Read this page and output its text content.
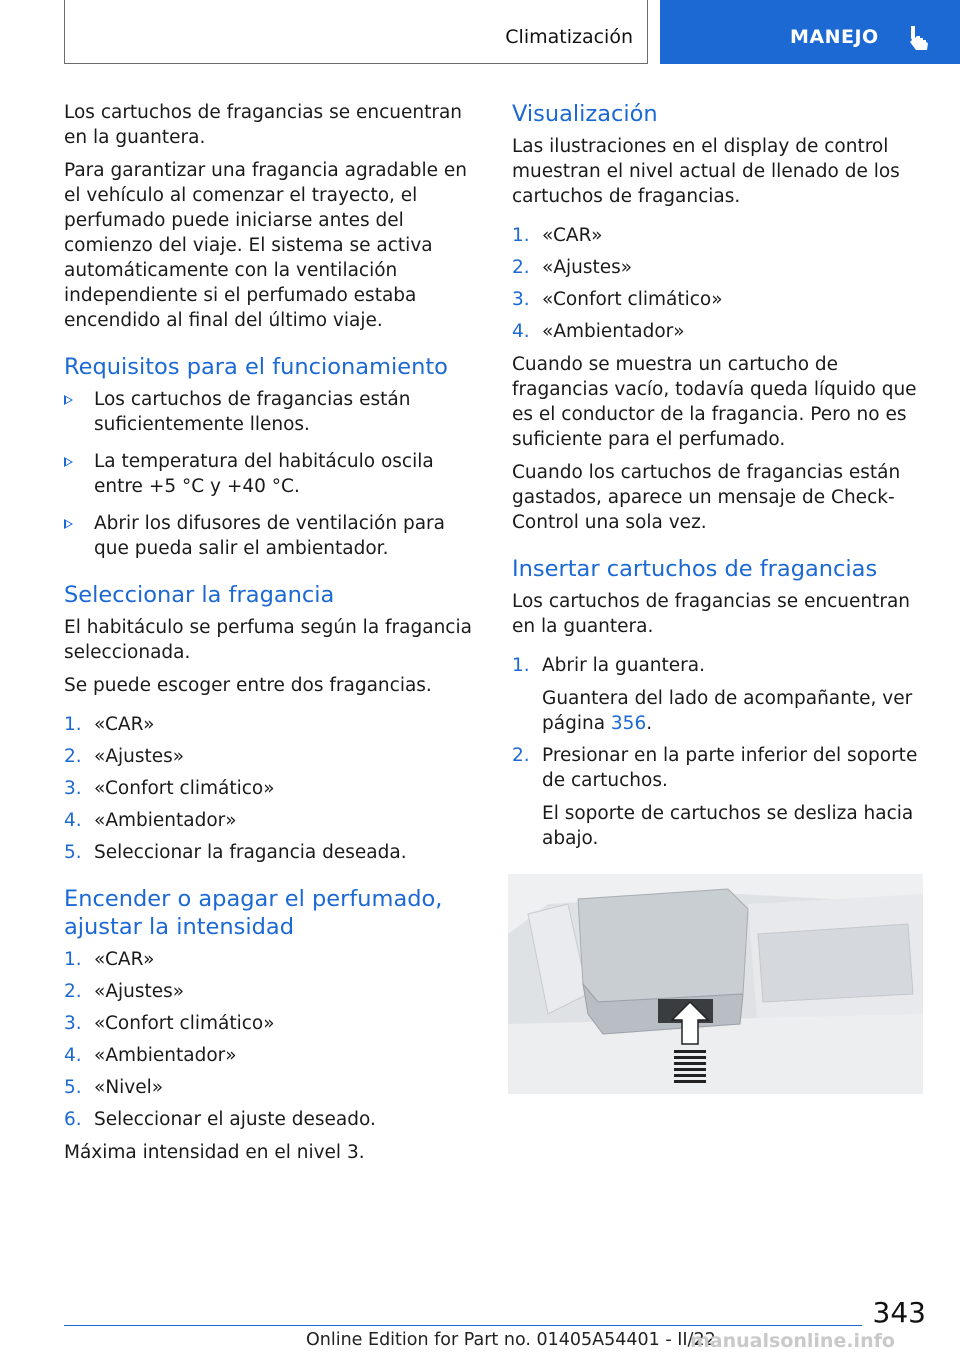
Climatización	MANEJO

Los cartuchos de fragancias se encuentran en la guantera.

Para garantizar una fragancia agradable en el vehículo al comenzar el trayecto, el perfumado puede iniciarse antes del comienzo del viaje. El sistema se activa automáticamente con la ventilación independiente si el perfumado estaba encendido al final del último viaje.

Requisitos para el funcionamiento
Los cartuchos de fragancias están suficientemente llenos.
La temperatura del habitáculo oscila entre +5 °C y +40 °C.
Abrir los difusores de ventilación para que pueda salir el ambientador.
Seleccionar la fragancia

El habitáculo se perfuma según la fragancia seleccionada.

Se puede escoger entre dos fragancias.

1. «CAR»
2. «Ajustes»
3. «Confort climático»
4. «Ambientador»
5. Seleccionar la fragancia deseada.
Encender o apagar el perfumado, ajustar la intensidad
1. «CAR»
2. «Ajustes»
3. «Confort climático»
4. «Ambientador»
5. «Nivel»
6. Seleccionar el ajuste deseado.

Máxima intensidad en el nivel 3.

Visualización

Las ilustraciones en el display de control muestran el nivel actual de llenado de los cartuchos de fragancias.

1. «CAR»
2. «Ajustes»
3. «Confort climático»
4. «Ambientador»

Cuando se muestra un cartucho de fragancias vacío, todavía queda líquido que es el conductor de la fragancia. Pero no es suficiente para el perfumado.

Cuando los cartuchos de fragancias están gastados, aparece un mensaje de Check-Control una sola vez.

Insertar cartuchos de fragancias

Los cartuchos de fragancias se encuentran en la guantera.

1. Abrir la guantera.
Guantera del lado de acompañante, ver página 356.
2. Presionar en la parte inferior del soporte de cartuchos.
El soporte de cartuchos se desliza hacia abajo.
343
Online Edition for Part no. 01405A54401 - II/22
manualsonline.info
